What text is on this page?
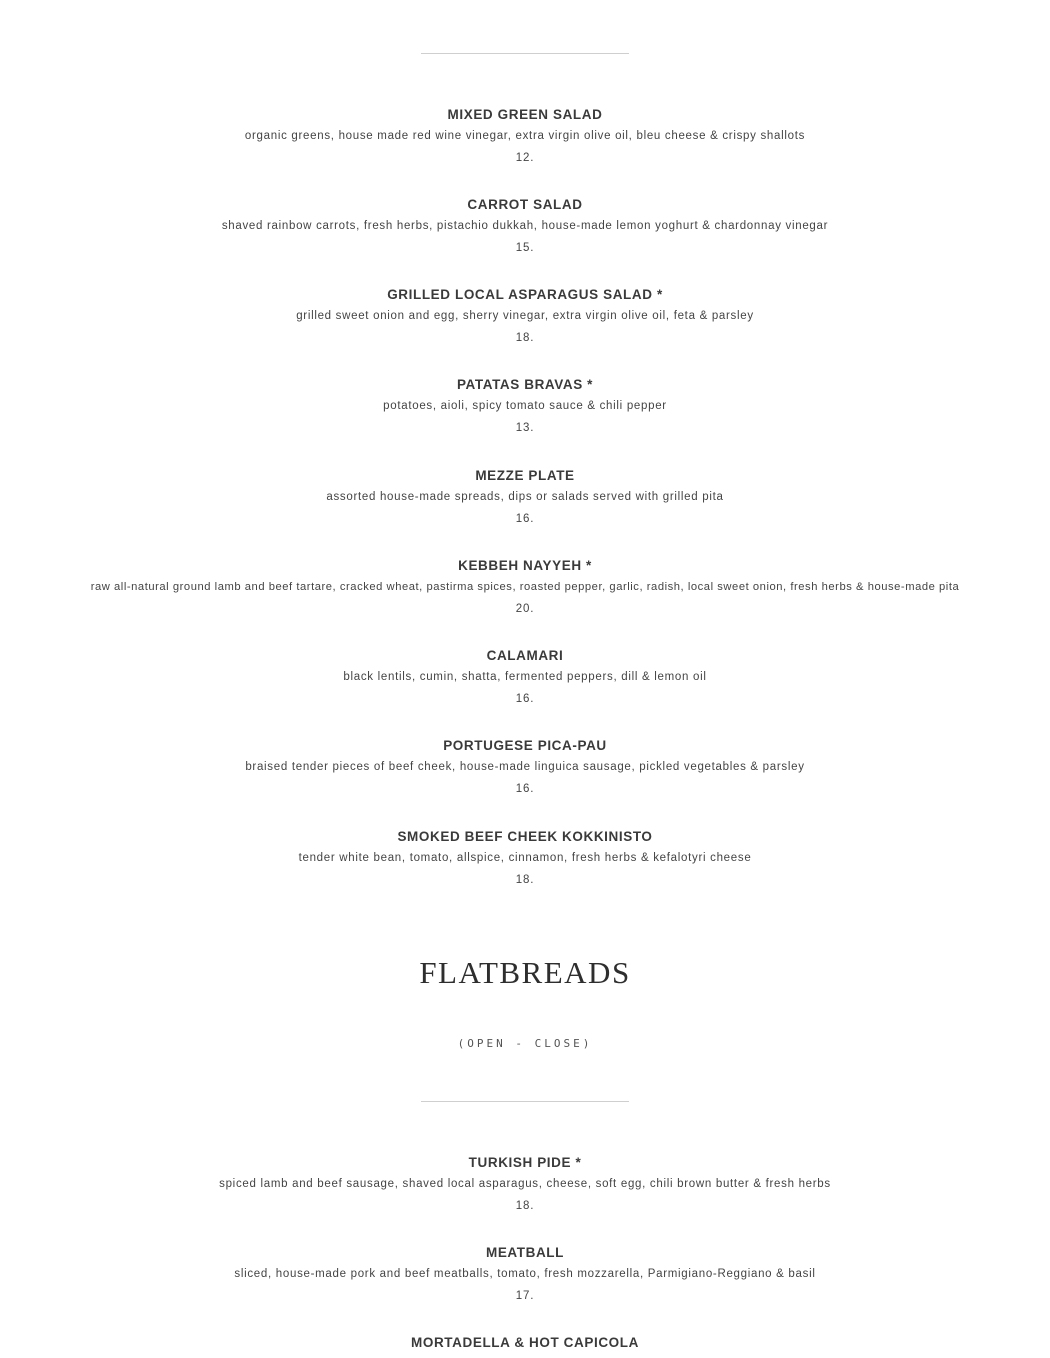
MIXED GREEN SALAD
organic greens, house made red wine vinegar, extra virgin olive oil, bleu cheese & crispy shallots
12.
CARROT SALAD
shaved rainbow carrots, fresh herbs, pistachio dukkah, house-made lemon yoghurt & chardonnay vinegar
15.
GRILLED LOCAL ASPARAGUS SALAD *
grilled sweet onion and egg, sherry vinegar, extra virgin olive oil, feta & parsley
18.
PATATAS BRAVAS *
potatoes, aioli, spicy tomato sauce & chili pepper
13.
MEZZE PLATE
assorted house-made spreads, dips or salads served with grilled pita
16.
KEBBEH NAYYEH *
raw all-natural ground lamb and beef tartare, cracked wheat, pastirma spices, roasted pepper, garlic, radish, local sweet onion, fresh herbs & house-made pita
20.
CALAMARI
black lentils, cumin, shatta, fermented peppers, dill & lemon oil
16.
PORTUGESE PICA-PAU
braised tender pieces of beef cheek, house-made linguica sausage, pickled vegetables & parsley
16.
SMOKED BEEF CHEEK KOKKINISTO
tender white bean, tomato, allspice, cinnamon, fresh herbs & kefalotyri cheese
18.
FLATBREADS
(OPEN - CLOSE)
TURKISH PIDE *
spiced lamb and beef sausage, shaved local asparagus, cheese, soft egg, chili brown butter & fresh herbs
18.
MEATBALL
sliced, house-made pork and beef meatballs, tomato, fresh mozzarella, Parmigiano-Reggiano & basil
17.
MORTADELLA & HOT CAPICOLA
